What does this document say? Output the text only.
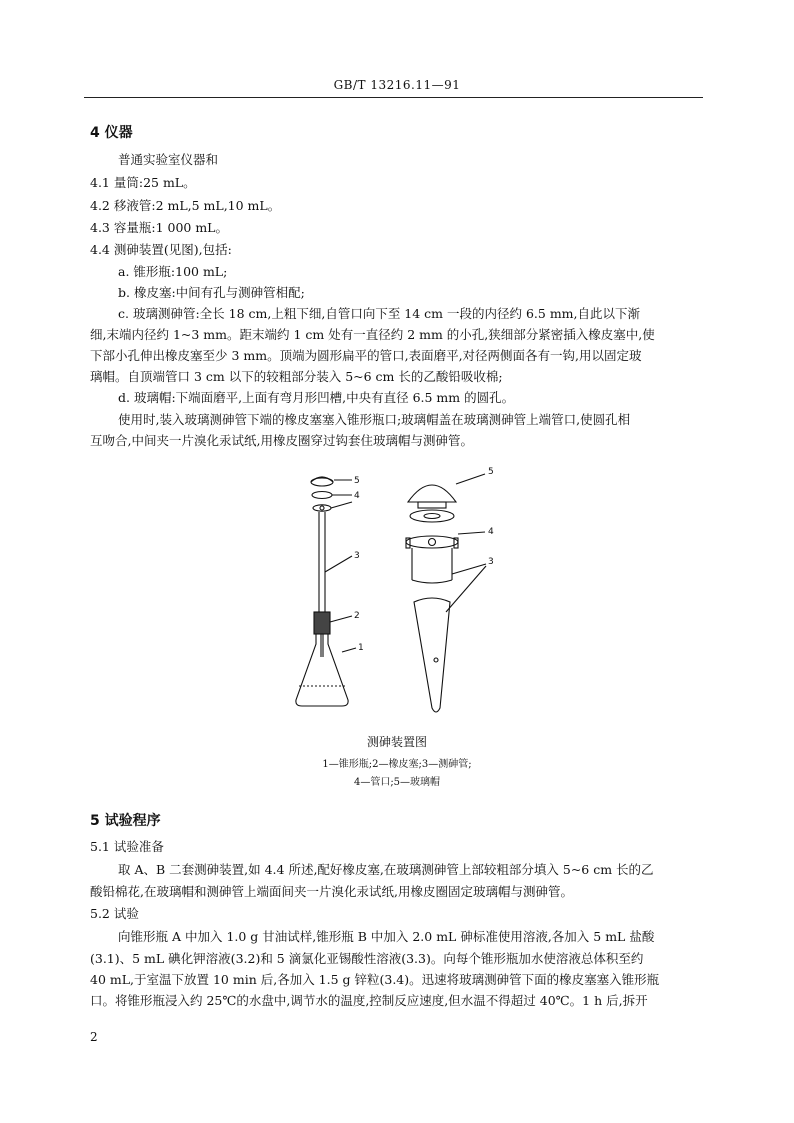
GB/T 13216.11—91
4 仪器
普通实验室仪器和
4.1 量筒:25 mL。
4.2 移液管:2 mL,5 mL,10 mL。
4.3 容量瓶:1 000 mL。
4.4 测砷装置(见图),包括:
a. 锥形瓶:100 mL;
b. 橡皮塞:中间有孔与测砷管相配;
c. 玻璃测砷管:全长 18 cm,上粗下细,自管口向下至 14 cm 一段的内径约 6.5 mm,自此以下渐
细,末端内径约 1~3 mm。距末端约 1 cm 处有一直径约 2 mm 的小孔,狭细部分紧密插入橡皮塞中,使
下部小孔伸出橡皮塞至少 3 mm。顶端为圆形扁平的管口,表面磨平,对径两侧面各有一钩,用以固定玻
璃帽。自顶端管口 3 cm 以下的较粗部分装入 5~6 cm 长的乙酸铅吸收棉;
d. 玻璃帽:下端面磨平,上面有弯月形凹槽,中央有直径 6.5 mm 的圆孔。
使用时,装入玻璃测砷管下端的橡皮塞塞入锥形瓶口;玻璃帽盖在玻璃测砷管上端管口,使圆孔相
互吻合,中间夹一片溴化汞试纸,用橡皮圈穿过钩套住玻璃帽与测砷管。
5
4
3
2
1
5
4
3
测砷装置图
1—锥形瓶;2—橡皮塞;3—测砷管;
4—管口;5—玻璃帽
5 试验程序
5.1 试验准备
取 A、B 二套测砷装置,如 4.4 所述,配好橡皮塞,在玻璃测砷管上部较粗部分填入 5~6 cm 长的乙
酸铅棉花,在玻璃帽和测砷管上端面间夹一片溴化汞试纸,用橡皮圈固定玻璃帽与测砷管。
5.2 试验
向锥形瓶 A 中加入 1.0 g 甘油试样,锥形瓶 B 中加入 2.0 mL 砷标准使用溶液,各加入 5 mL 盐酸
(3.1)、5 mL 碘化钾溶液(3.2)和 5 滴氯化亚锡酸性溶液(3.3)。向每个锥形瓶加水使溶液总体积至约
40 mL,于室温下放置 10 min 后,各加入 1.5 g 锌粒(3.4)。迅速将玻璃测砷管下面的橡皮塞塞入锥形瓶
口。将锥形瓶浸入约 25℃的水盘中,调节水的温度,控制反应速度,但水温不得超过 40℃。1 h 后,拆开
2
